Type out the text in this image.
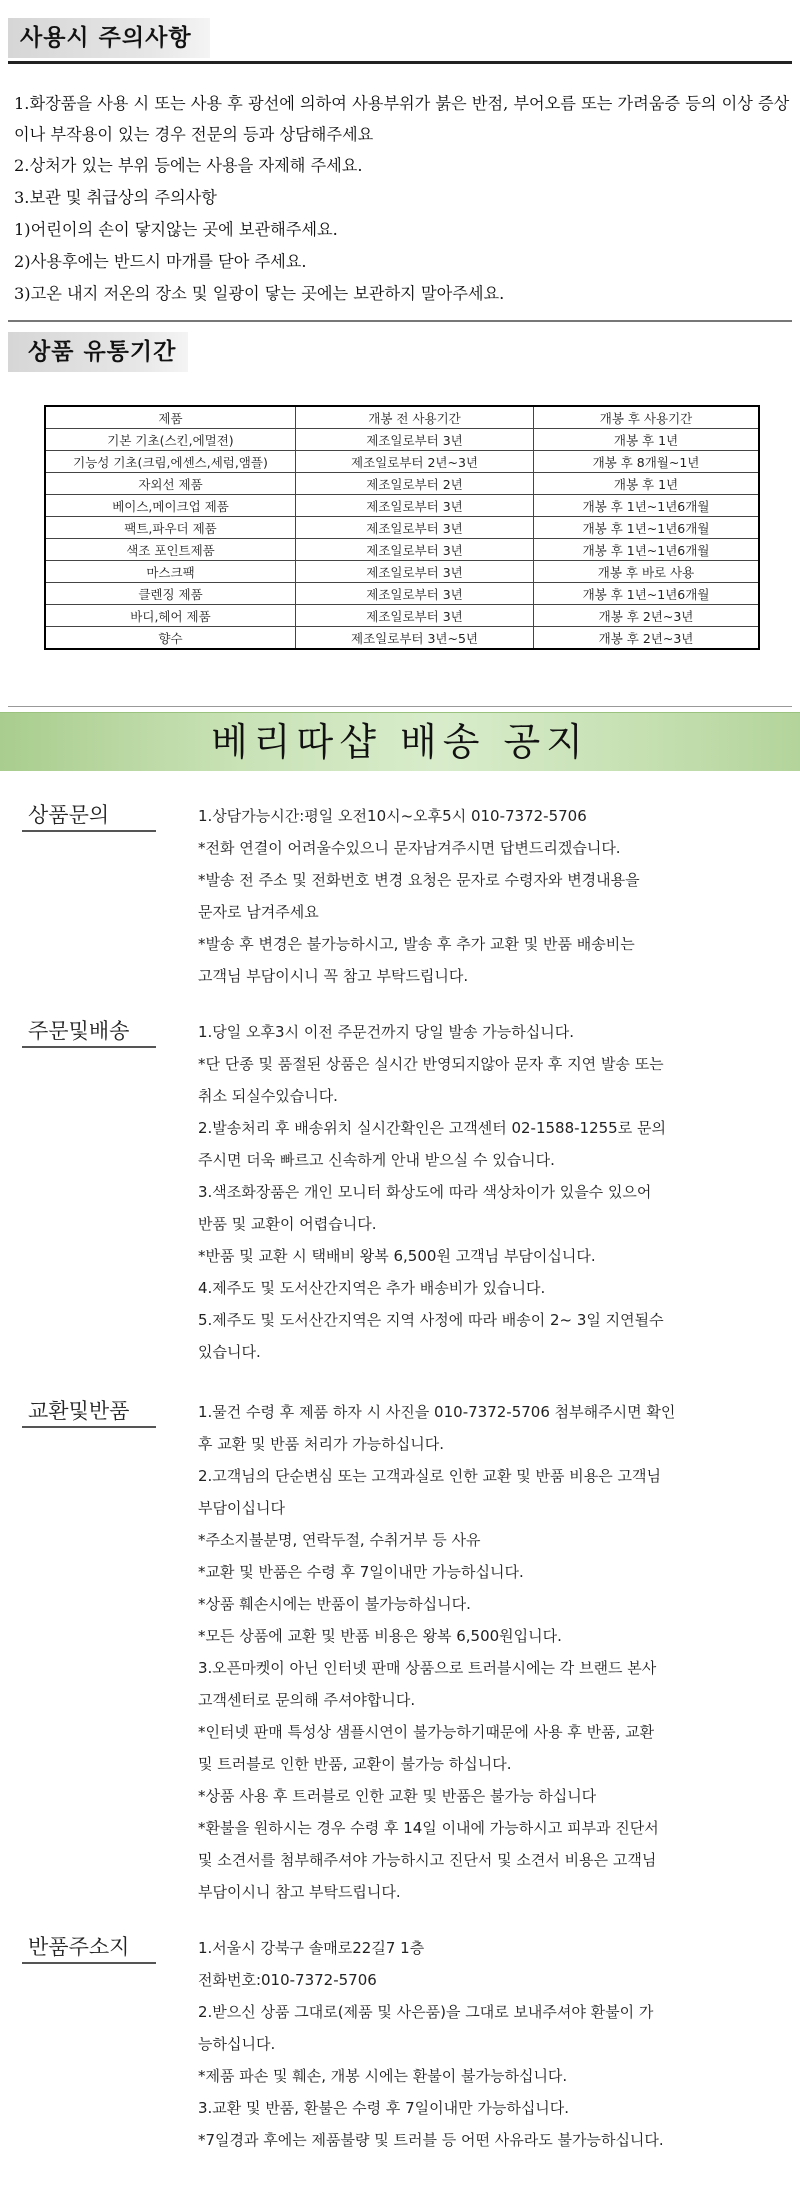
사용시 주의사항
1.화장품을 사용 시 또는 사용 후 광선에 의하여 사용부위가 붉은 반점, 부어오름 또는 가려움증 등의 이상 증상이나 부작용이 있는 경우 전문의 등과 상담해주세요
2.상처가 있는 부위 등에는 사용을 자제해 주세요.
3.보관 및 취급상의 주의사항
1)어린이의 손이 닿지않는 곳에 보관해주세요.
2)사용후에는 반드시 마개를 닫아 주세요.
3)고온 내지 저온의 장소 및 일광이 닿는 곳에는 보관하지 말아주세요.
상품 유통기간
제품	개봉 전 사용기간	개봉 후 사용기간
기본 기초(스킨,에멀젼)	제조일로부터 3년	개봉 후 1년
기능성 기초(크림,에센스,세럼,앰플)	제조일로부터 2년~3년	개봉 후 8개월~1년
자외선 제품	제조일로부터 2년	개봉 후 1년
베이스,메이크업 제품	제조일로부터 3년	개봉 후 1년~1년6개월
팩트,파우더 제품	제조일로부터 3년	개봉 후 1년~1년6개월
색조 포인트제품	제조일로부터 3년	개봉 후 1년~1년6개월
마스크팩	제조일로부터 3년	개봉 후 바로 사용
클렌징 제품	제조일로부터 3년	개봉 후 1년~1년6개월
바디,헤어 제품	제조일로부터 3년	개봉 후 2년~3년
향수	제조일로부터 3년~5년	개봉 후 2년~3년
베리따샵 배송 공지
상품문의	1.상담가능시간:평일 오전10시~오후5시 010-7372-5706
*전화 연결이 어려울수있으니 문자남겨주시면 답변드리겠습니다.
*발송 전 주소 및 전화번호 변경 요청은 문자로 수령자와 변경내용을
문자로 남겨주세요
*발송 후 변경은 불가능하시고, 발송 후 추가 교환 및 반품 배송비는
고객님 부담이시니 꼭 참고 부탁드립니다.
주문및배송	1.당일 오후3시 이전 주문건까지 당일 발송 가능하십니다.
*단 단종 및 품절된 상품은 실시간 반영되지않아 문자 후 지연 발송 또는
취소 되실수있습니다.
2.발송처리 후 배송위치 실시간확인은 고객센터 02-1588-1255로 문의
주시면 더욱 빠르고 신속하게 안내 받으실 수 있습니다.
3.색조화장품은 개인 모니터 화상도에 따라 색상차이가 있을수 있으어
반품 및 교환이 어렵습니다.
*반품 및 교환 시 택배비 왕복 6,500원 고객님 부담이십니다.
4.제주도 및 도서산간지역은 추가 배송비가 있습니다.
5.제주도 및 도서산간지역은 지역 사정에 따라 배송이 2~ 3일 지연될수
있습니다.
교환및반품	1.물건 수령 후 제품 하자 시 사진을 010-7372-5706 첨부해주시면 확인
후 교환 및 반품 처리가 가능하십니다.
2.고객님의 단순변심 또는 고객과실로 인한 교환 및 반품 비용은 고객님
부담이십니다
*주소지불분명, 연락두절, 수취거부 등 사유
*교환 및 반품은 수령 후 7일이내만 가능하십니다.
*상품 훼손시에는 반품이 불가능하십니다.
*모든 상품에 교환 및 반품 비용은 왕복 6,500원입니다.
3.오픈마켓이 아닌 인터넷 판매 상품으로 트러블시에는 각 브랜드 본사
고객센터로 문의해 주셔야합니다.
*인터넷 판매 특성상 샘플시연이 불가능하기때문에 사용 후 반품, 교환
및 트러블로 인한 반품, 교환이 불가능 하십니다.
*상품 사용 후 트러블로 인한 교환 및 반품은 불가능 하십니다
*환불을 원하시는 경우 수령 후 14일 이내에 가능하시고 피부과 진단서
및 소견서를 첨부해주셔야 가능하시고 진단서 및 소견서 비용은 고객님
부담이시니 참고 부탁드립니다.
반품주소지	1.서울시 강북구 솔매로22길7 1층
전화번호:010-7372-5706
2.받으신 상품 그대로(제품 및 사은품)을 그대로 보내주셔야 환불이 가
능하십니다.
*제품 파손 및 훼손, 개봉 시에는 환불이 불가능하십니다.
3.교환 및 반품, 환불은 수령 후 7일이내만 가능하십니다.
*7일경과 후에는 제품불량 및 트러블 등 어떤 사유라도 불가능하십니다.
